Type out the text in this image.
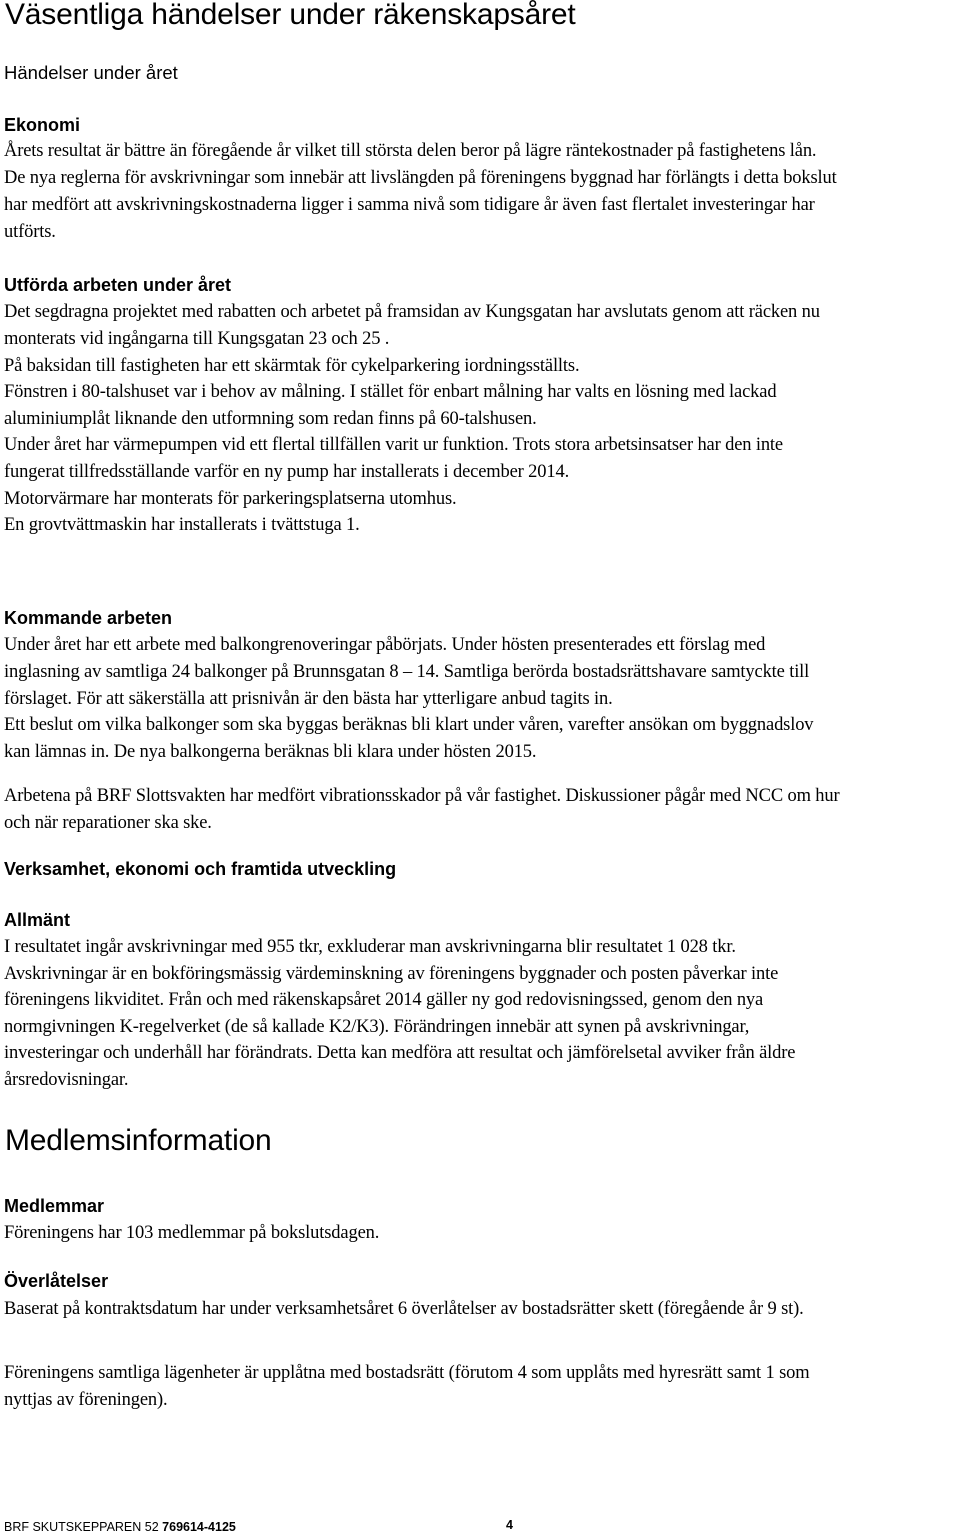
Väsentliga händelser under räkenskapsåret
Händelser under året
Ekonomi
Årets resultat är bättre än föregående år vilket till största delen beror på lägre räntekostnader på fastighetens lån.
De nya reglerna för avskrivningar som innebär att livslängden på föreningens byggnad har förlängts i detta bokslut
har medfört att avskrivningskostnaderna ligger i samma nivå som tidigare år även fast flertalet investeringar har
utförts.
Utförda arbeten under året
Det segdragna projektet med rabatten och arbetet på framsidan av Kungsgatan har avslutats genom att räcken nu
monterats vid ingångarna till Kungsgatan 23 och 25 .
På baksidan till fastigheten har ett skärmtak för cykelparkering iordningsställts.
Fönstren i 80-talshuset var i behov av målning. I stället för enbart målning har valts en lösning med lackad
aluminiumplåt liknande den utformning som redan finns på 60-talshusen.
Under året har värmepumpen vid ett flertal tillfällen varit ur funktion. Trots stora arbetsinsatser har den inte
fungerat tillfredsställande varför en ny pump har installerats i december 2014.
Motorvärmare har monterats för parkeringsplatserna utomhus.
En grovtvättmaskin har installerats i tvättstuga 1.
Kommande arbeten
Under året har ett arbete med balkongrenoveringar påbörjats. Under hösten presenterades ett förslag med
inglasning av samtliga 24 balkonger på Brunnsgatan 8 – 14. Samtliga berörda bostadsrättshavare samtyckte till
förslaget. För att säkerställa att prisnivån är den bästa har ytterligare anbud tagits in.
Ett beslut om vilka balkonger som ska byggas beräknas bli klart under våren, varefter ansökan om byggnadslov
kan lämnas in. De nya balkongerna beräknas bli klara under hösten 2015.
Arbetena på BRF Slottsvakten har medfört vibrationsskador på vår fastighet. Diskussioner pågår med NCC om hur
och när reparationer ska ske.
Verksamhet, ekonomi och framtida utveckling
Allmänt
I resultatet ingår avskrivningar med 955 tkr, exkluderar man avskrivningarna blir resultatet 1 028 tkr.
Avskrivningar är en bokföringsmässig värdeminskning av föreningens byggnader och posten påverkar inte
föreningens likviditet. Från och med räkenskapsåret 2014 gäller ny god redovisningssed, genom den nya
normgivningen K-regelverket (de så kallade K2/K3). Förändringen innebär att synen på avskrivningar,
investeringar och underhåll har förändrats. Detta kan medföra att resultat och jämförelsetal avviker från äldre
årsredovisningar.
Medlemsinformation
Medlemmar
Föreningens har 103 medlemmar på bokslutsdagen.
Överlåtelser
Baserat på kontraktsdatum har under verksamhetsåret 6 överlåtelser av bostadsrätter skett (föregående år 9 st).
Föreningens samtliga lägenheter är upplåtna med bostadsrätt (förutom 4 som upplåts med hyresrätt samt 1 som
nyttjas av föreningen).
BRF SKUTSKEPPAREN 52 769614-4125	4
